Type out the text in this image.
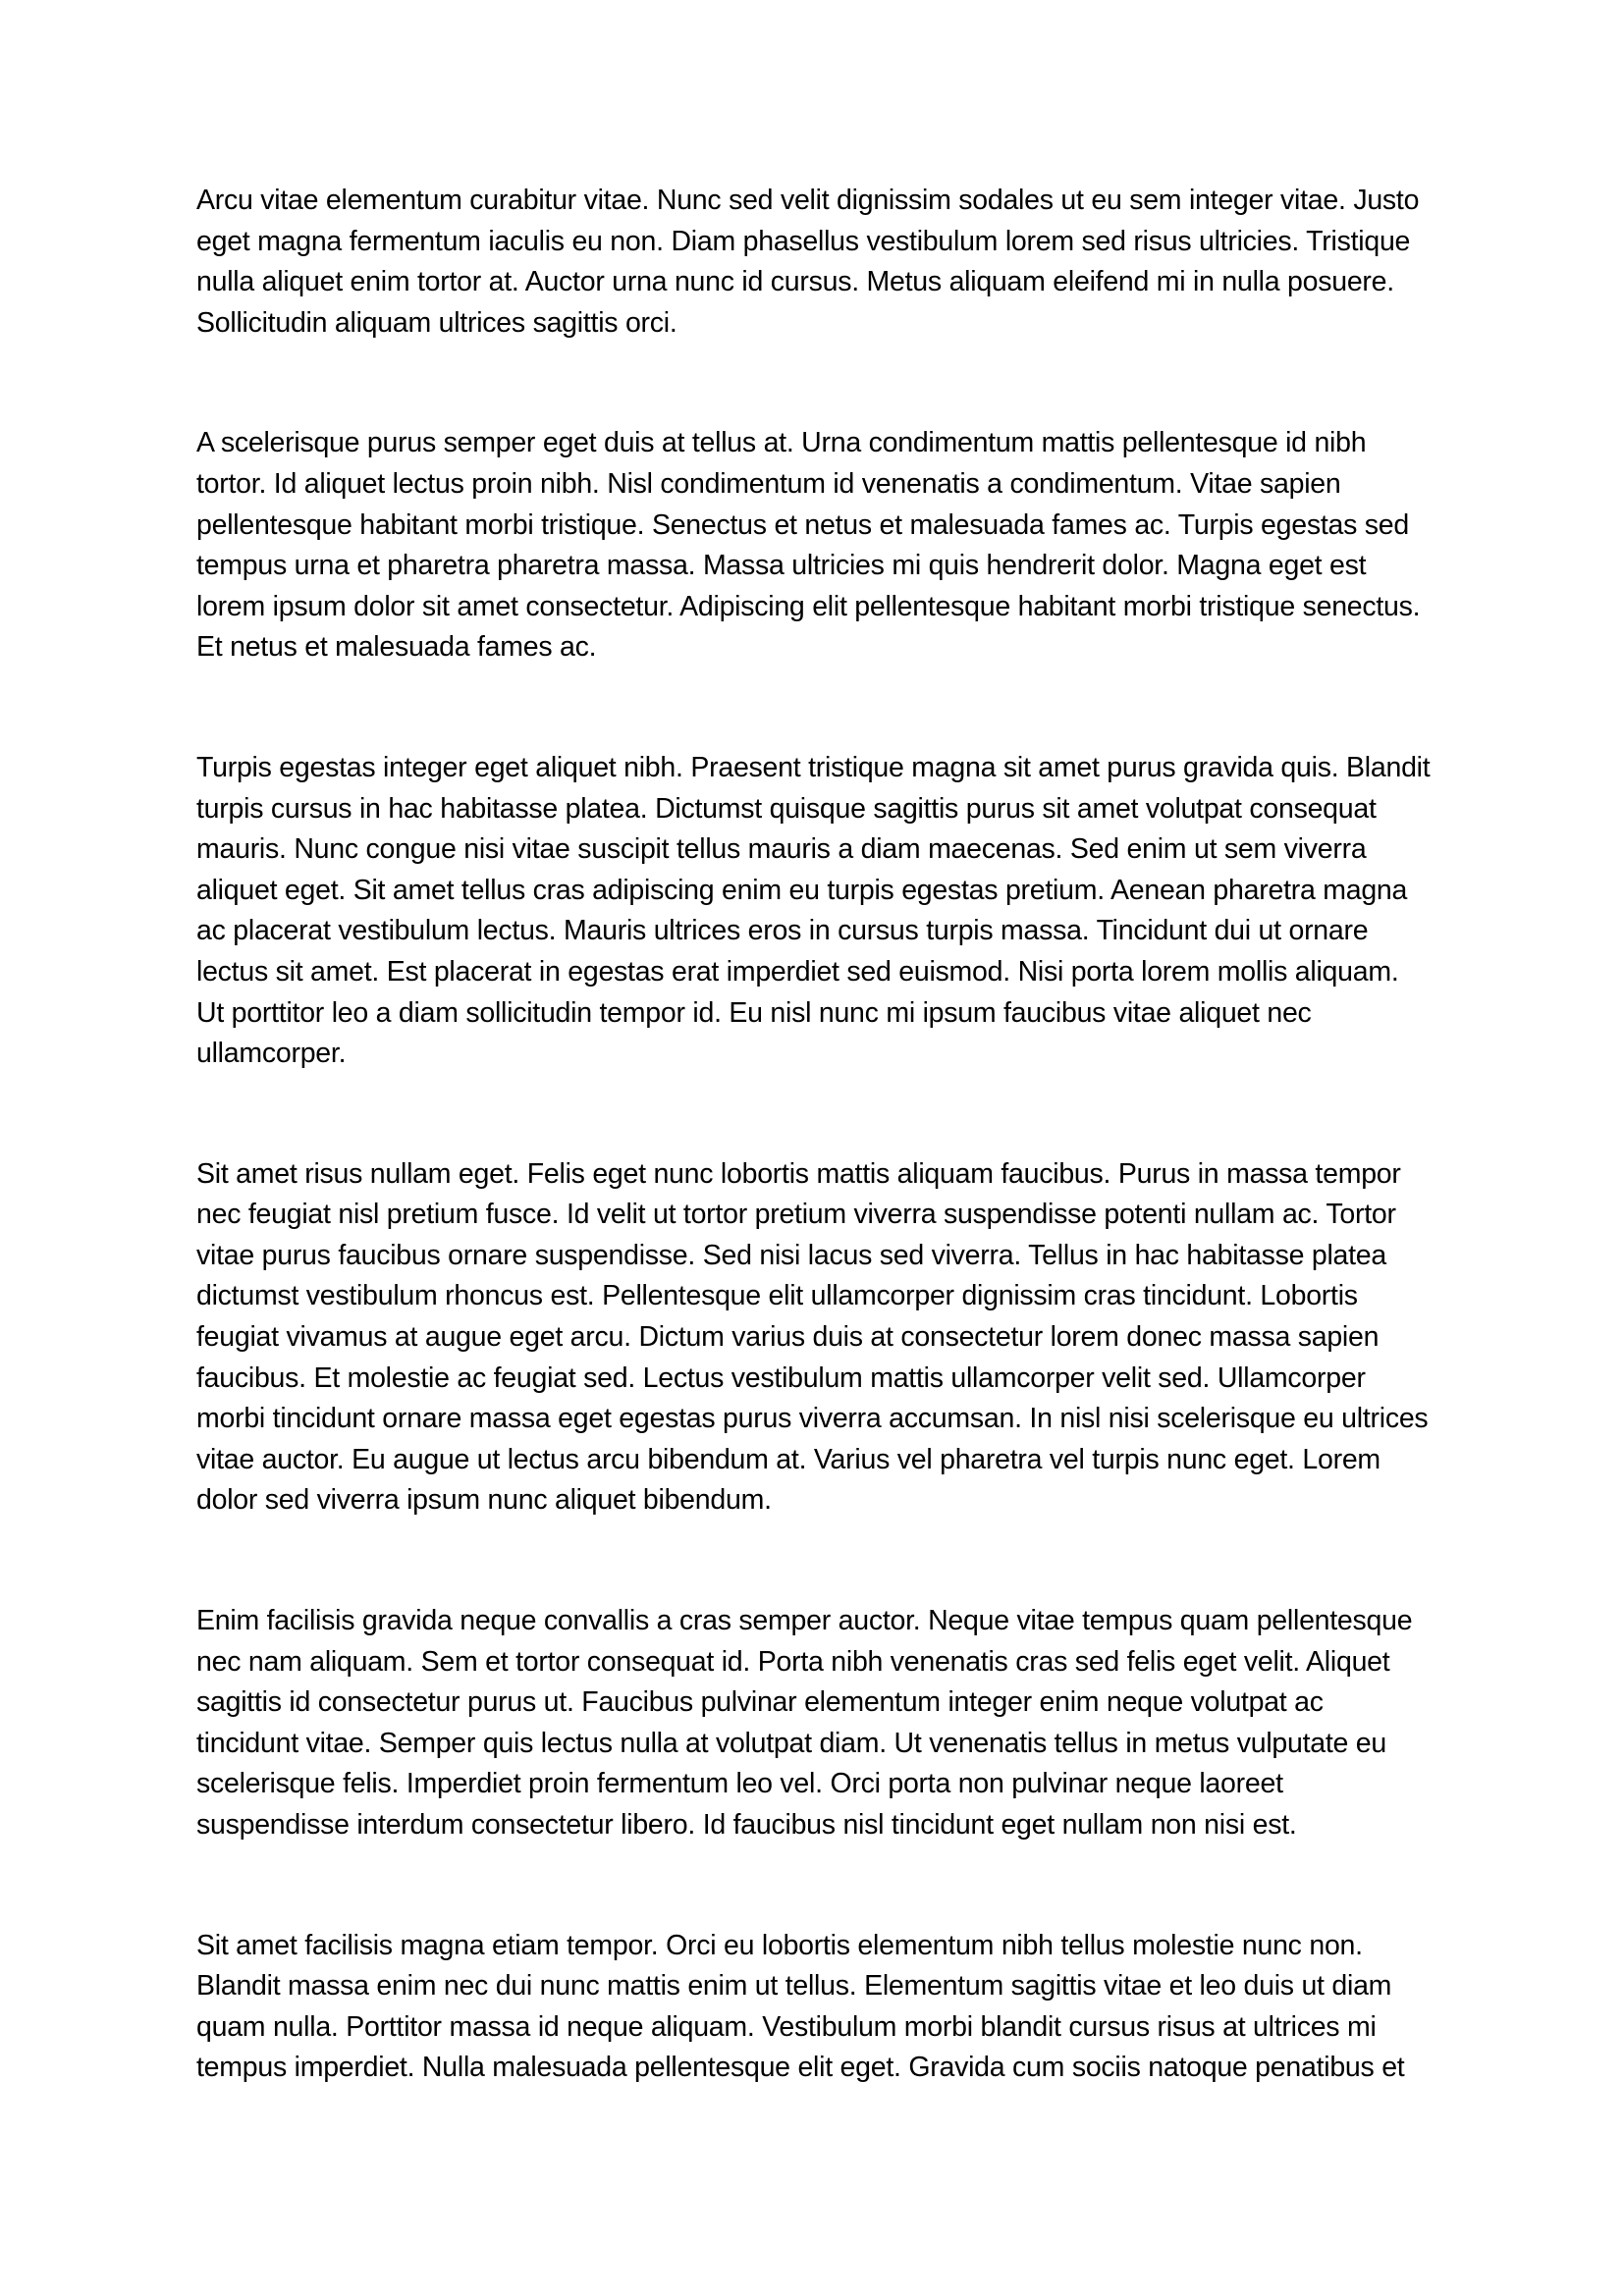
Arcu vitae elementum curabitur vitae. Nunc sed velit dignissim sodales ut eu sem integer vitae. Justo eget magna fermentum iaculis eu non. Diam phasellus vestibulum lorem sed risus ultricies. Tristique nulla aliquet enim tortor at. Auctor urna nunc id cursus. Metus aliquam eleifend mi in nulla posuere. Sollicitudin aliquam ultrices sagittis orci.

A scelerisque purus semper eget duis at tellus at. Urna condimentum mattis pellentesque id nibh tortor. Id aliquet lectus proin nibh. Nisl condimentum id venenatis a condimentum. Vitae sapien pellentesque habitant morbi tristique. Senectus et netus et malesuada fames ac. Turpis egestas sed tempus urna et pharetra pharetra massa. Massa ultricies mi quis hendrerit dolor. Magna eget est lorem ipsum dolor sit amet consectetur. Adipiscing elit pellentesque habitant morbi tristique senectus. Et netus et malesuada fames ac.

Turpis egestas integer eget aliquet nibh. Praesent tristique magna sit amet purus gravida quis. Blandit turpis cursus in hac habitasse platea. Dictumst quisque sagittis purus sit amet volutpat consequat mauris. Nunc congue nisi vitae suscipit tellus mauris a diam maecenas. Sed enim ut sem viverra aliquet eget. Sit amet tellus cras adipiscing enim eu turpis egestas pretium. Aenean pharetra magna ac placerat vestibulum lectus. Mauris ultrices eros in cursus turpis massa. Tincidunt dui ut ornare lectus sit amet. Est placerat in egestas erat imperdiet sed euismod. Nisi porta lorem mollis aliquam. Ut porttitor leo a diam sollicitudin tempor id. Eu nisl nunc mi ipsum faucibus vitae aliquet nec ullamcorper.

Sit amet risus nullam eget. Felis eget nunc lobortis mattis aliquam faucibus. Purus in massa tempor nec feugiat nisl pretium fusce. Id velit ut tortor pretium viverra suspendisse potenti nullam ac. Tortor vitae purus faucibus ornare suspendisse. Sed nisi lacus sed viverra. Tellus in hac habitasse platea dictumst vestibulum rhoncus est. Pellentesque elit ullamcorper dignissim cras tincidunt. Lobortis feugiat vivamus at augue eget arcu. Dictum varius duis at consectetur lorem donec massa sapien faucibus. Et molestie ac feugiat sed. Lectus vestibulum mattis ullamcorper velit sed. Ullamcorper morbi tincidunt ornare massa eget egestas purus viverra accumsan. In nisl nisi scelerisque eu ultrices vitae auctor. Eu augue ut lectus arcu bibendum at. Varius vel pharetra vel turpis nunc eget. Lorem dolor sed viverra ipsum nunc aliquet bibendum.

Enim facilisis gravida neque convallis a cras semper auctor. Neque vitae tempus quam pellentesque nec nam aliquam. Sem et tortor consequat id. Porta nibh venenatis cras sed felis eget velit. Aliquet sagittis id consectetur purus ut. Faucibus pulvinar elementum integer enim neque volutpat ac tincidunt vitae. Semper quis lectus nulla at volutpat diam. Ut venenatis tellus in metus vulputate eu scelerisque felis. Imperdiet proin fermentum leo vel. Orci porta non pulvinar neque laoreet suspendisse interdum consectetur libero. Id faucibus nisl tincidunt eget nullam non nisi est.

Sit amet facilisis magna etiam tempor. Orci eu lobortis elementum nibh tellus molestie nunc non. Blandit massa enim nec dui nunc mattis enim ut tellus. Elementum sagittis vitae et leo duis ut diam quam nulla. Porttitor massa id neque aliquam. Vestibulum morbi blandit cursus risus at ultrices mi tempus imperdiet. Nulla malesuada pellentesque elit eget. Gravida cum sociis natoque penatibus et
